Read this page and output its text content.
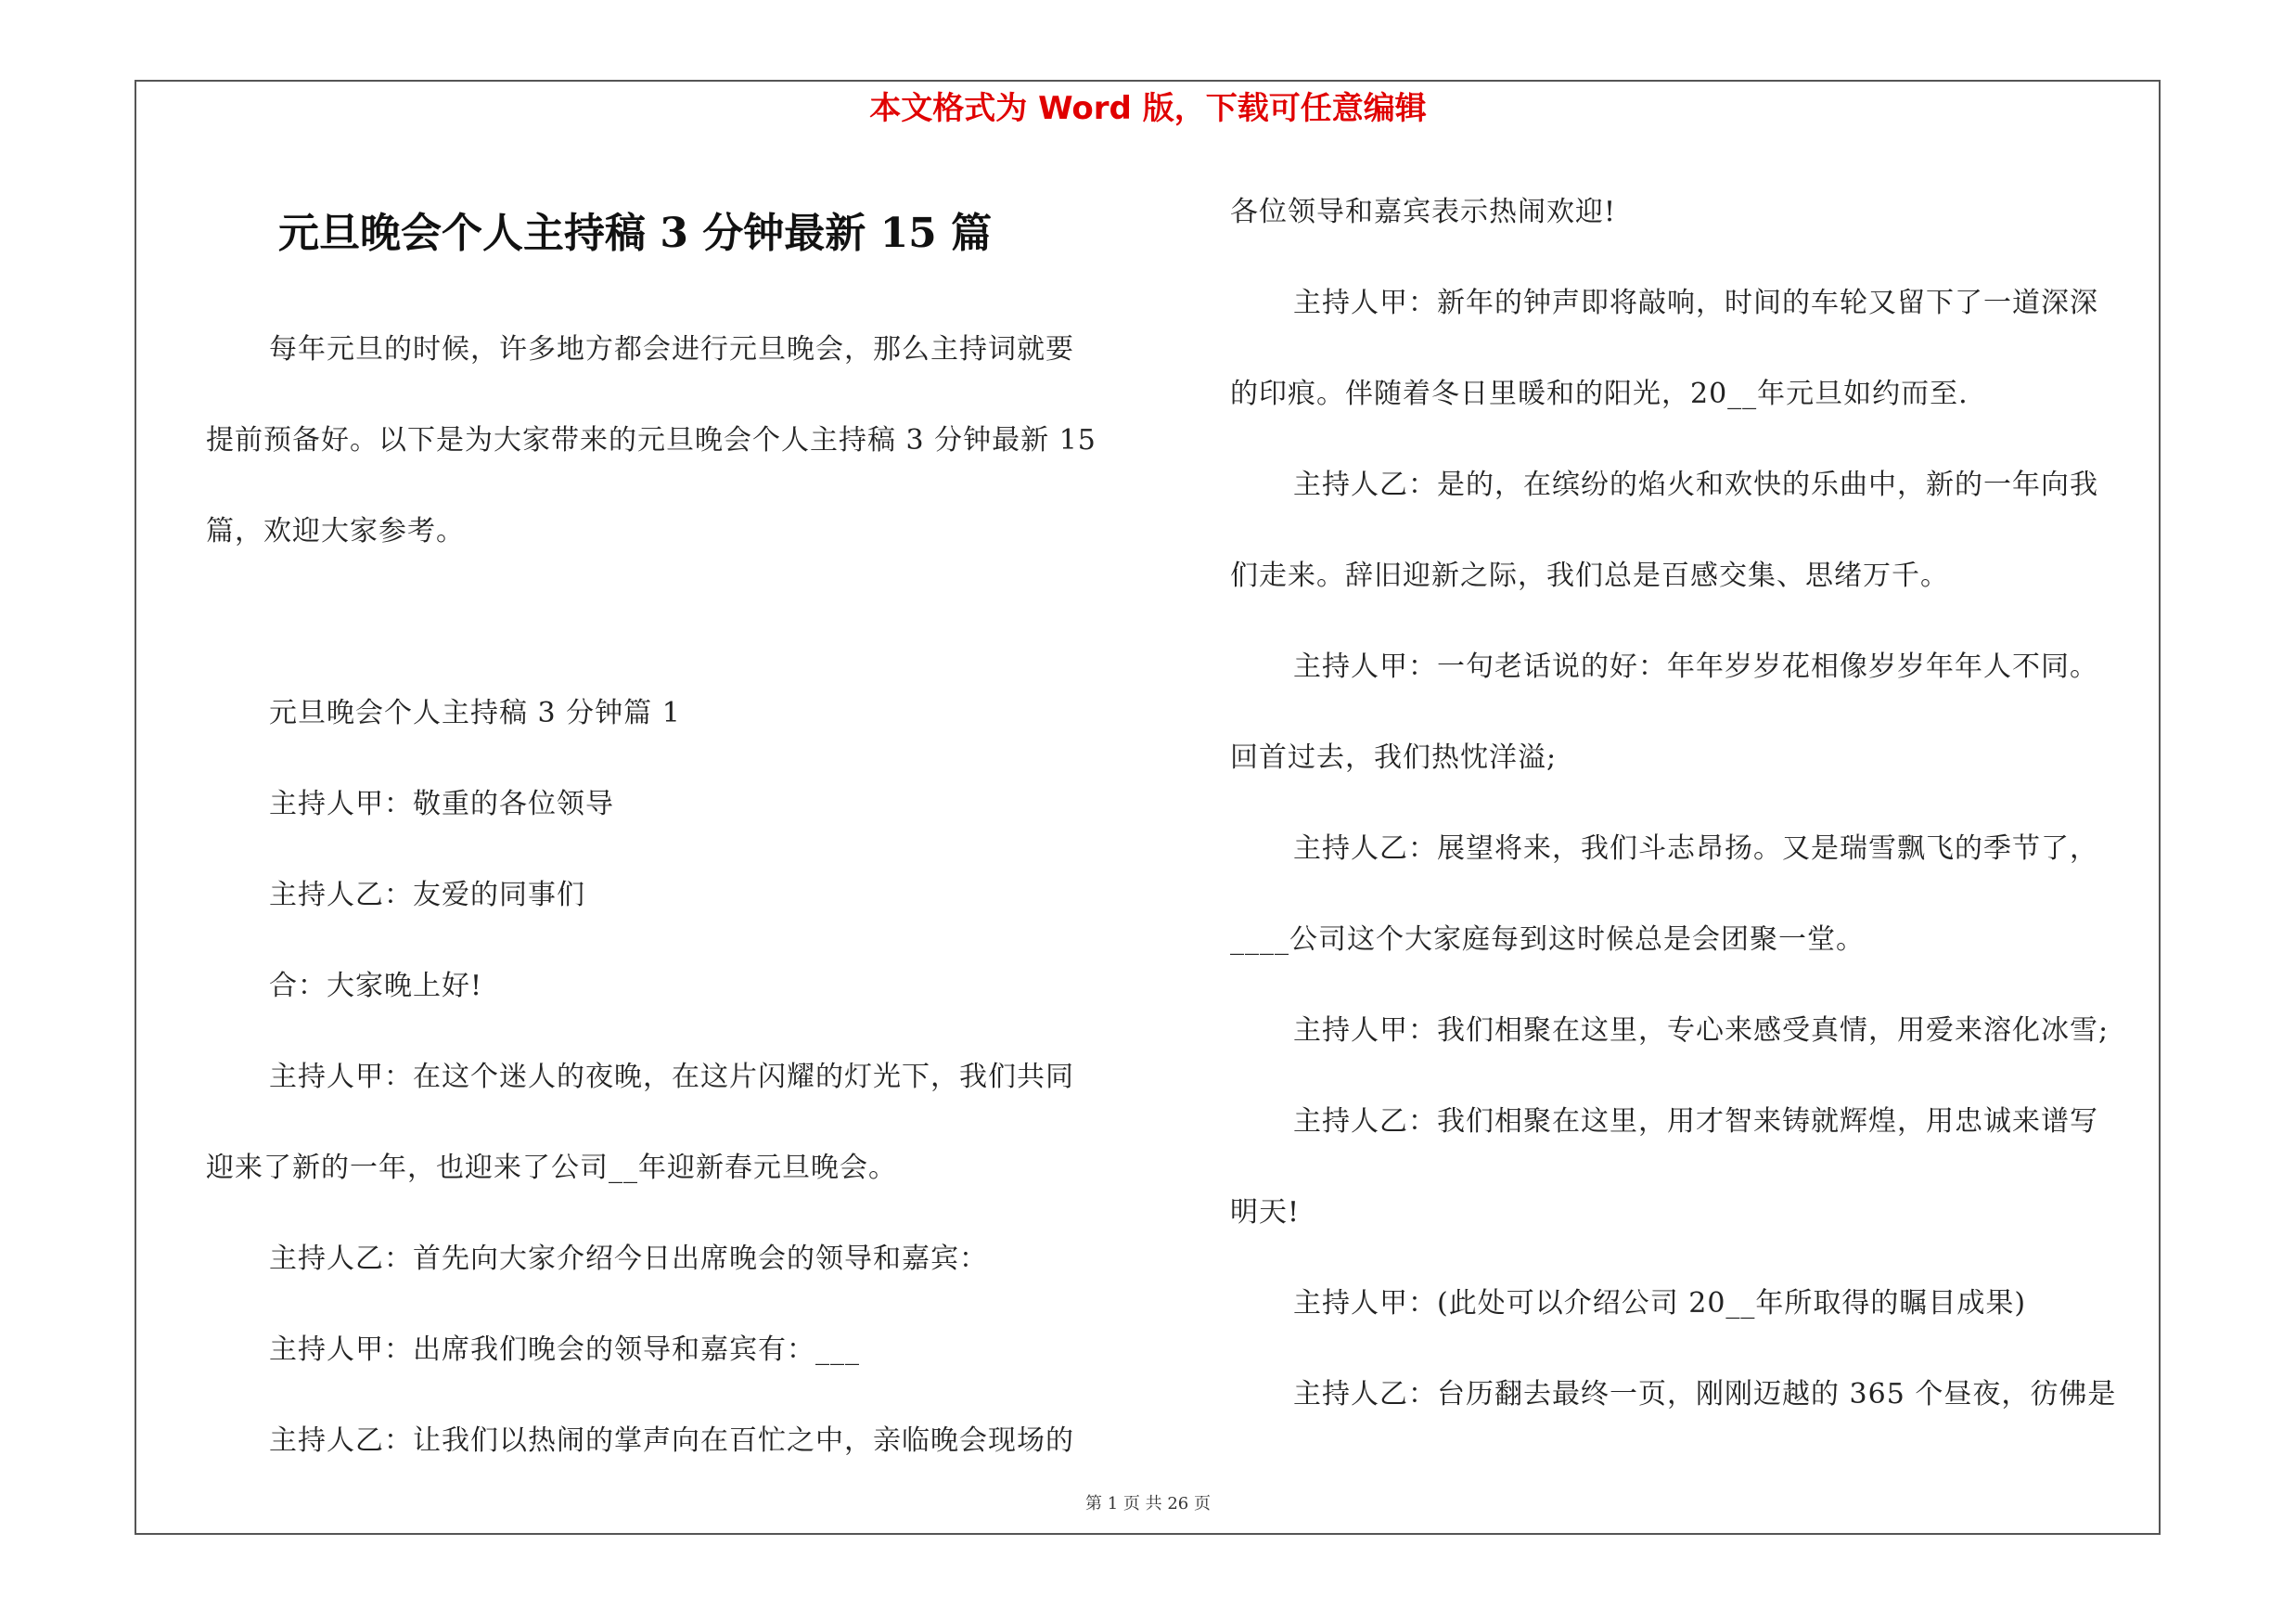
本文格式为 Word 版，下载可任意编辑
元旦晚会个人主持稿 3 分钟最新 15 篇
每年元旦的时候，许多地方都会进行元旦晚会，那么主持词就要
提前预备好。以下是为大家带来的元旦晚会个人主持稿 3 分钟最新 15
篇，欢迎大家参考。
元旦晚会个人主持稿 3 分钟篇 1
主持人甲：敬重的各位领导
主持人乙：友爱的同事们
合：大家晚上好!
主持人甲：在这个迷人的夜晚，在这片闪耀的灯光下，我们共同
迎来了新的一年，也迎来了公司__年迎新春元旦晚会。
主持人乙：首先向大家介绍今日出席晚会的领导和嘉宾：
主持人甲：出席我们晚会的领导和嘉宾有：___
主持人乙：让我们以热闹的掌声向在百忙之中，亲临晚会现场的
各位领导和嘉宾表示热闹欢迎!
主持人甲：新年的钟声即将敲响，时间的车轮又留下了一道深深
的印痕。伴随着冬日里暖和的阳光，20__年元旦如约而至.
主持人乙：是的，在缤纷的焰火和欢快的乐曲中，新的一年向我
们走来。辞旧迎新之际，我们总是百感交集、思绪万千。
主持人甲：一句老话说的好：年年岁岁花相像岁岁年年人不同。
回首过去，我们热忱洋溢;
主持人乙：展望将来，我们斗志昂扬。又是瑞雪飘飞的季节了，
____公司这个大家庭每到这时候总是会团聚一堂。
主持人甲：我们相聚在这里，专心来感受真情，用爱来溶化冰雪;
主持人乙：我们相聚在这里，用才智来铸就辉煌，用忠诚来谱写
明天!
主持人甲：(此处可以介绍公司 20__年所取得的瞩目成果)
主持人乙：台历翻去最终一页，刚刚迈越的 365 个昼夜，彷佛是
第 1 页 共 26 页
